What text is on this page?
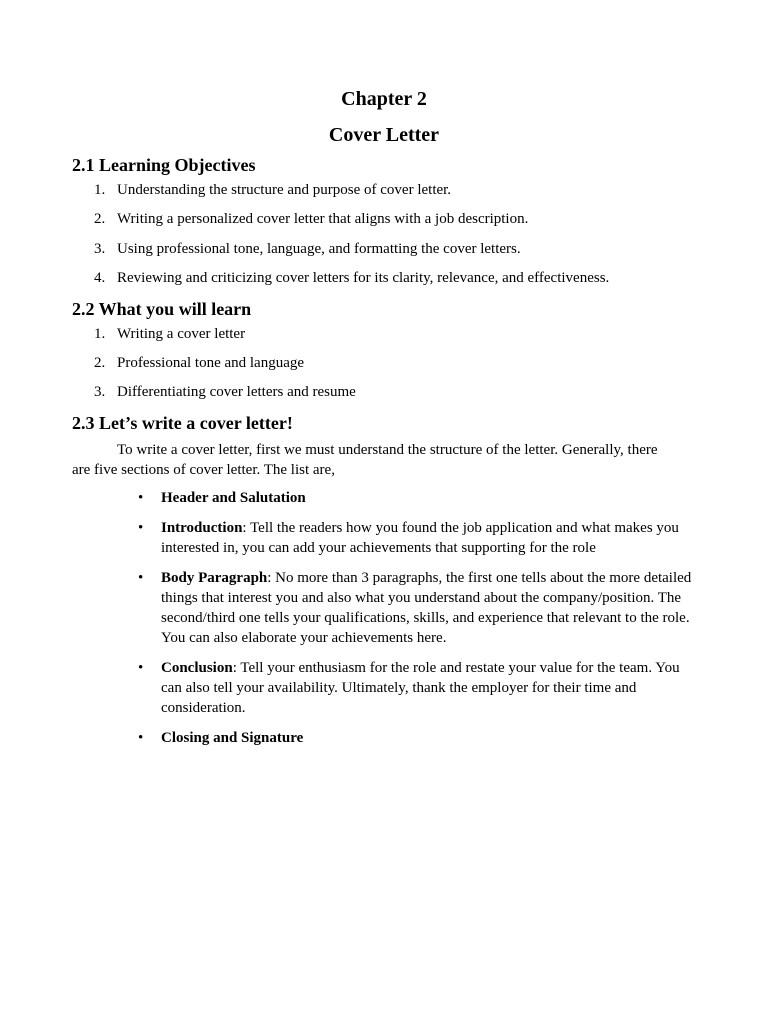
Chapter 2
Cover Letter
2.1 Learning Objectives
1. Understanding the structure and purpose of cover letter.
2. Writing a personalized cover letter that aligns with a job description.
3. Using professional tone, language, and formatting the cover letters.
4. Reviewing and criticizing cover letters for its clarity, relevance, and effectiveness.
2.2 What you will learn
1. Writing a cover letter
2. Professional tone and language
3. Differentiating cover letters and resume
2.3 Let’s write a cover letter!

To write a cover letter, first we must understand the structure of the letter. Generally, there are five sections of cover letter. The list are,

• Header and Salutation
• Introduction: Tell the readers how you found the job application and what makes you interested in, you can add your achievements that supporting for the role
• Body Paragraph: No more than 3 paragraphs, the first one tells about the more detailed things that interest you and also what you understand about the company/position. The second/third one tells your qualifications, skills, and experience that relevant to the role. You can also elaborate your achievements here.
• Conclusion: Tell your enthusiasm for the role and restate your value for the team. You can also tell your availability. Ultimately, thank the employer for their time and consideration.
• Closing and Signature
